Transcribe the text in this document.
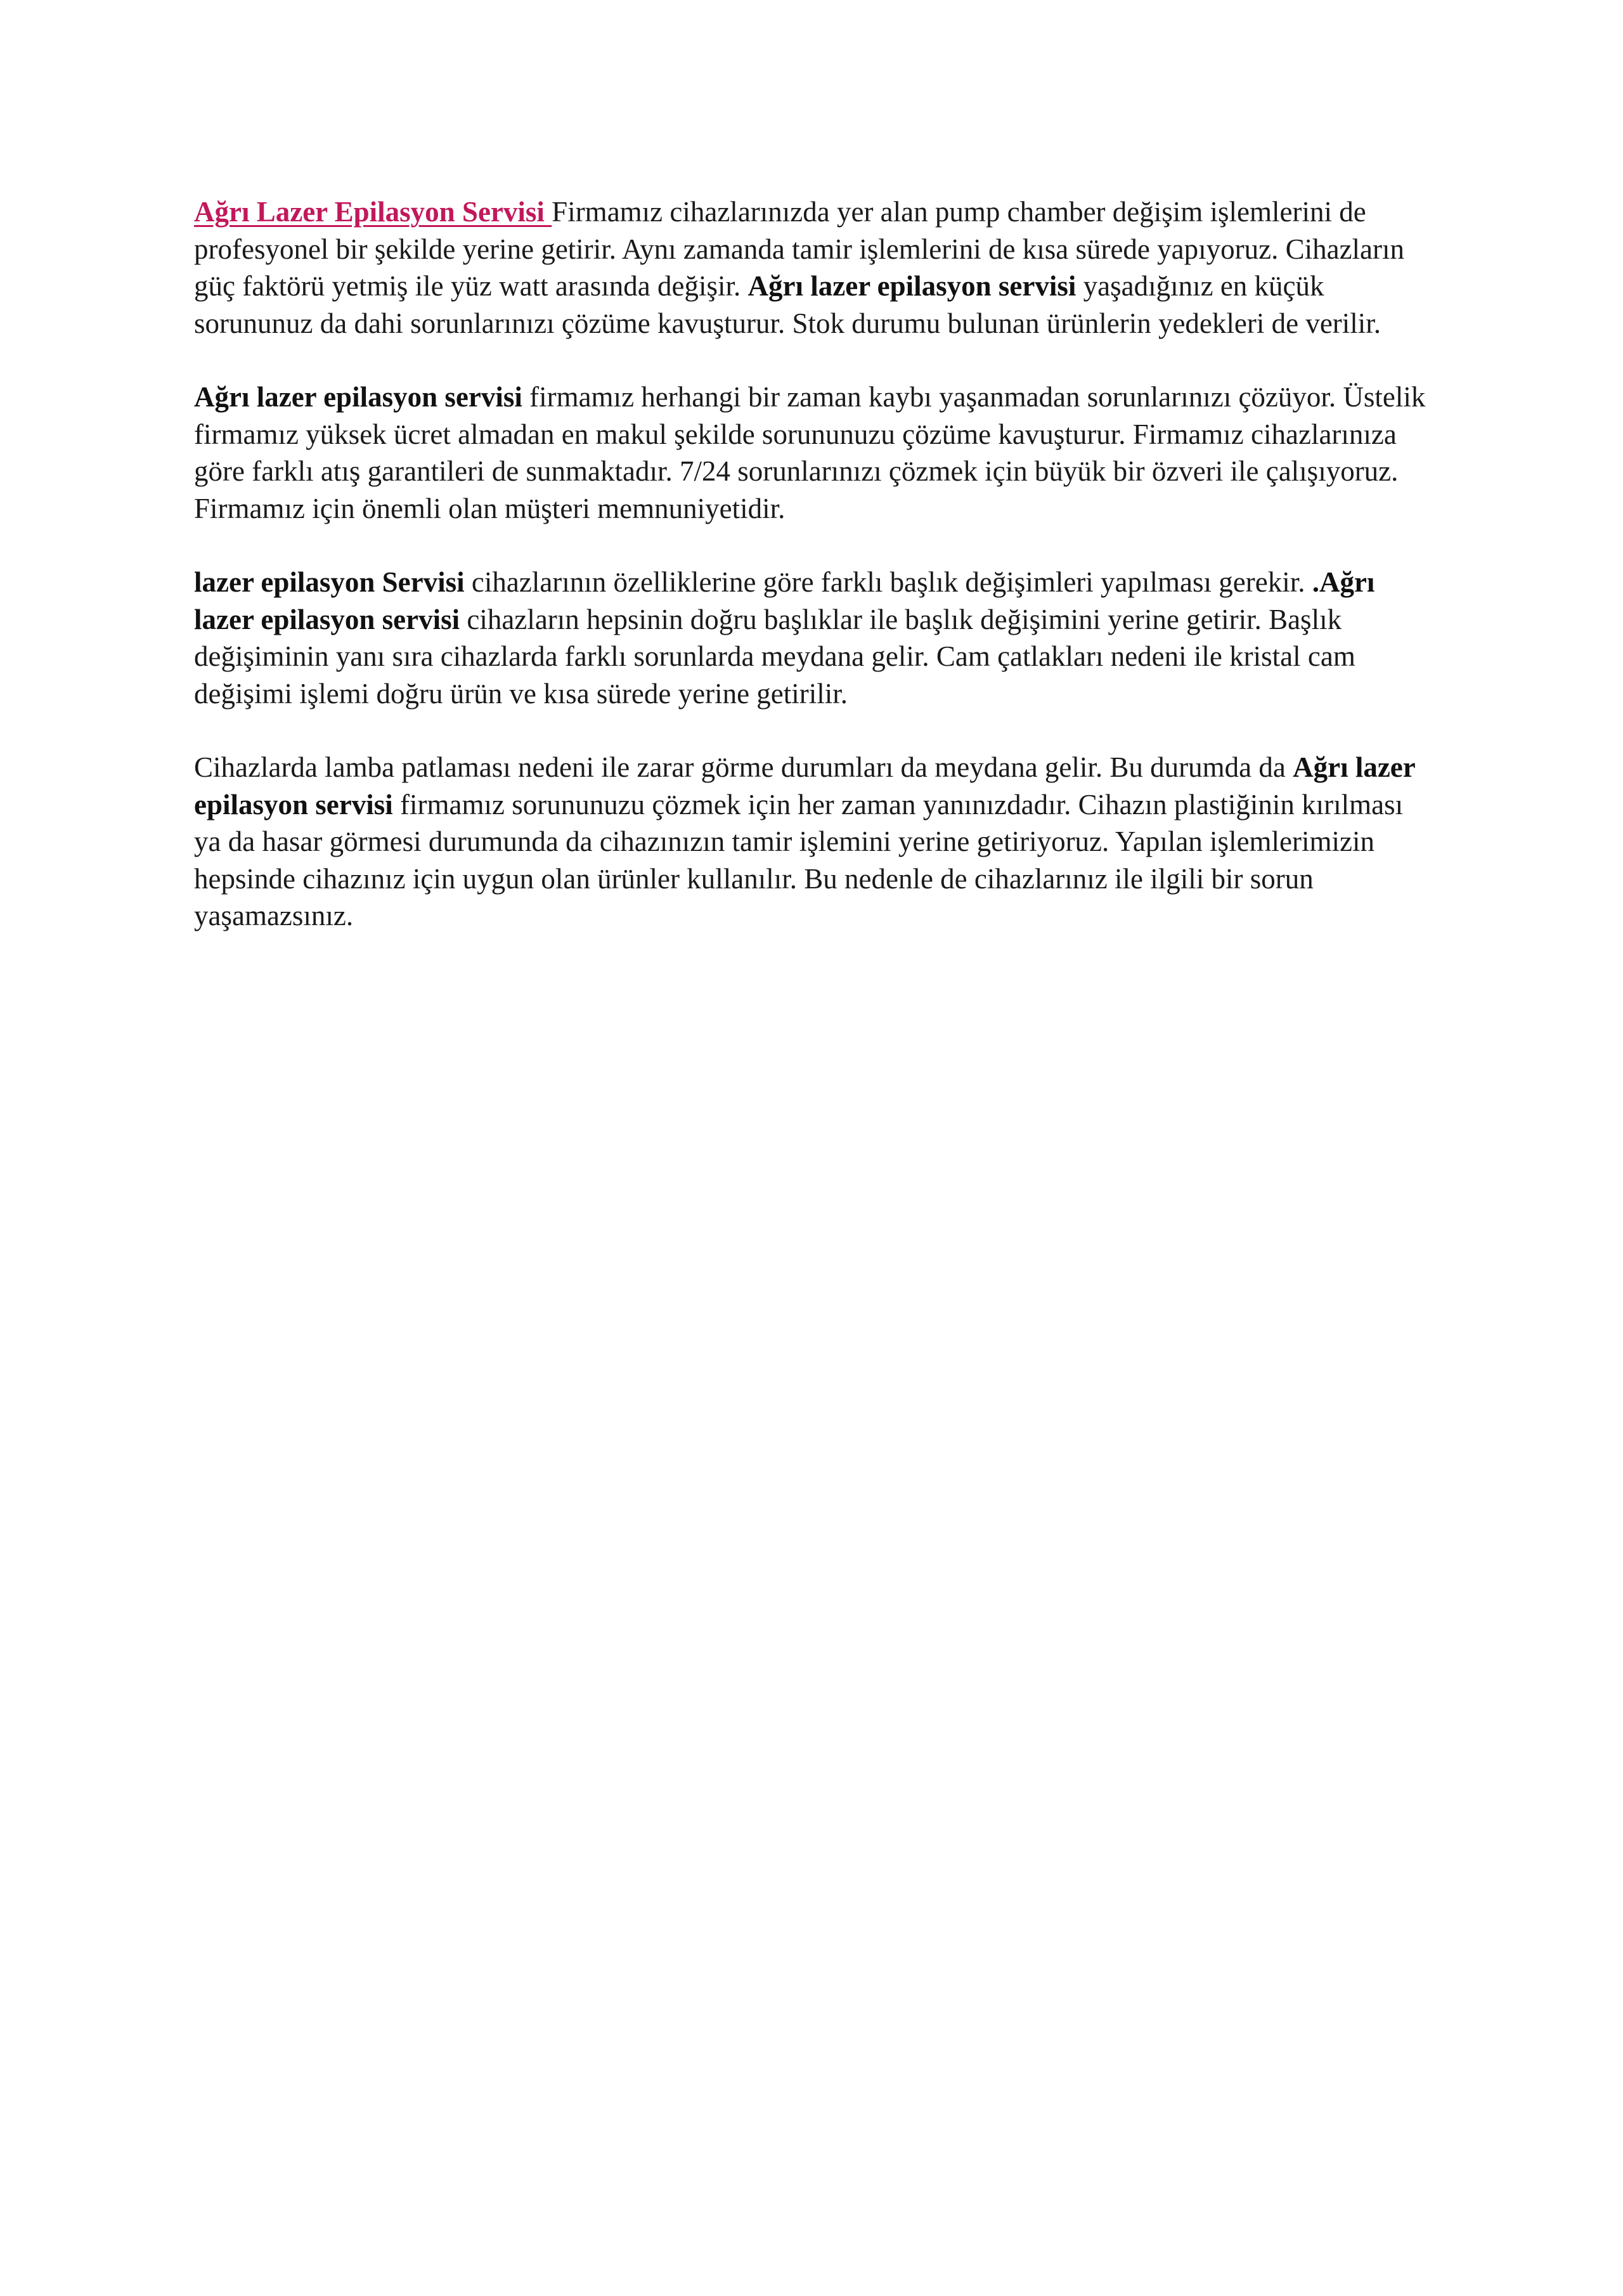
Ağrı Lazer Epilasyon Servisi Firmamız cihazlarınızda yer alan pump chamber değişim işlemlerini de profesyonel bir şekilde yerine getirir. Aynı zamanda tamir işlemlerini de kısa sürede yapıyoruz. Cihazların güç faktörü yetmiş ile yüz watt arasında değişir. Ağrı lazer epilasyon servisi yaşadığınız en küçük sorununuz da dahi sorunlarınızı çözüme kavuşturur. Stok durumu bulunan ürünlerin yedekleri de verilir.

Ağrı lazer epilasyon servisi firmamız herhangi bir zaman kaybı yaşanmadan sorunlarınızı çözüyor. Üstelik firmamız yüksek ücret almadan en makul şekilde sorununuzu çözüme kavuşturur. Firmamız cihazlarınıza göre farklı atış garantileri de sunmaktadır. 7/24 sorunlarınızı çözmek için büyük bir özveri ile çalışıyoruz. Firmamız için önemli olan müşteri memnuniyetidir.

lazer epilasyon Servisi cihazlarının özelliklerine göre farklı başlık değişimleri yapılması gerekir. .Ağrı lazer epilasyon servisi cihazların hepsinin doğru başlıklar ile başlık değişimini yerine getirir. Başlık değişiminin yanı sıra cihazlarda farklı sorunlarda meydana gelir. Cam çatlakları nedeni ile kristal cam değişimi işlemi doğru ürün ve kısa sürede yerine getirilir.

Cihazlarda lamba patlaması nedeni ile zarar görme durumları da meydana gelir. Bu durumda da Ağrı lazer epilasyon servisi firmamız sorununuzu çözmek için her zaman yanınızdadır. Cihazın plastiğinin kırılması ya da hasar görmesi durumunda da cihazınızın tamir işlemini yerine getiriyoruz. Yapılan işlemlerimizin hepsinde cihazınız için uygun olan ürünler kullanılır. Bu nedenle de cihazlarınız ile ilgili bir sorun yaşamazsınız.
